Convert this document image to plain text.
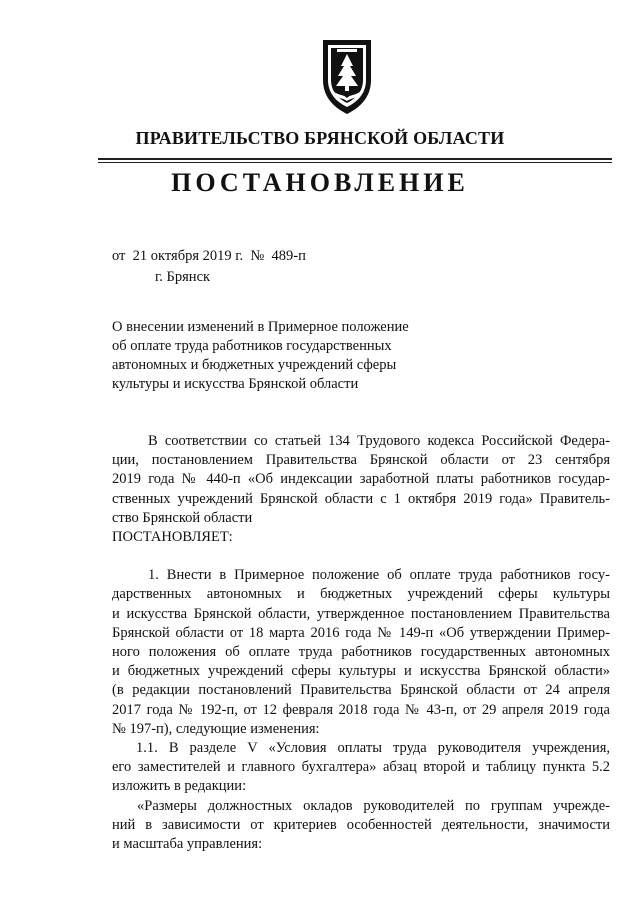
ПРАВИТЕЛЬСТВО БРЯНСКОЙ ОБЛАСТИ
ПОСТАНОВЛЕНИЕ
от  21 октября 2019 г.  №  489-п
г. Брянск
О внесении изменений в Примерное положение
об оплате труда работников государственных
автономных и бюджетных учреждений сферы
культуры и искусства Брянской области
В соответствии со статьей 134 Трудового кодекса Российской Федера-
ции, постановлением Правительства Брянской области от 23 сентября
2019 года № 440-п «Об индексации заработной платы работников государ-
ственных учреждений Брянской области с 1 октября 2019 года» Правитель-
ство Брянской области
ПОСТАНОВЛЯЕТ:
1. Внести в Примерное положение об оплате труда работников госу-
дарственных автономных и бюджетных учреждений сферы культуры
и искусства Брянской области, утвержденное постановлением Правительства
Брянской области от 18 марта 2016 года № 149-п «Об утверждении Пример-
ного положения об оплате труда работников государственных автономных
и бюджетных учреждений сферы культуры и искусства Брянской области»
(в редакции постановлений Правительства Брянской области от 24 апреля
2017 года № 192-п, от 12 февраля 2018 года № 43-п, от 29 апреля 2019 года
№ 197-п), следующие изменения:
1.1. В разделе V «Условия оплаты труда руководителя учреждения,
его заместителей и главного бухгалтера» абзац второй и таблицу пункта 5.2
изложить в редакции:
«Размеры должностных окладов руководителей по группам учрежде-
ний в зависимости от критериев особенностей деятельности, значимости
и масштаба управления:
